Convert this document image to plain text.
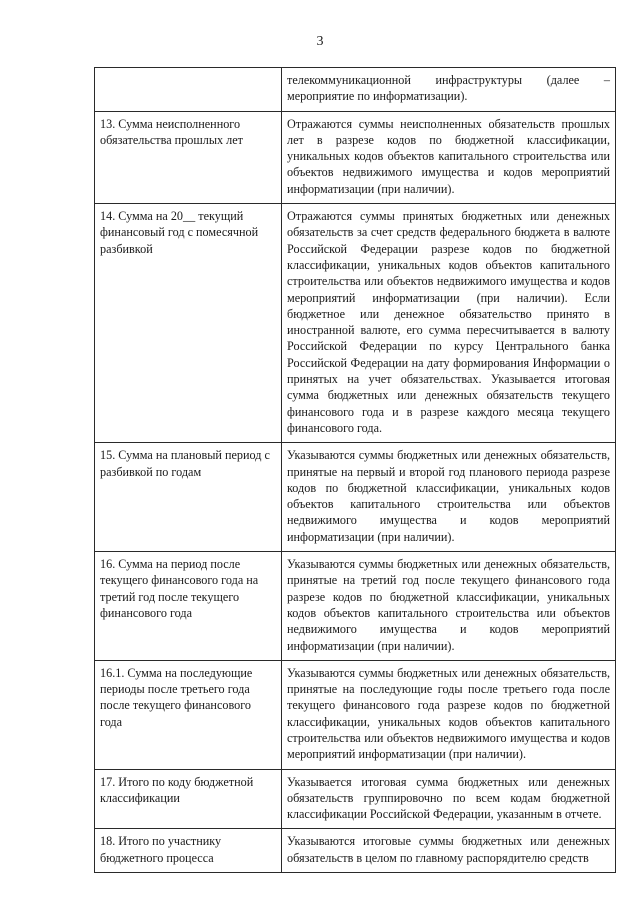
3
	телекоммуникационной инфраструктуры (далее – мероприятие по информатизации).
13. Сумма неисполненного обязательства прошлых лет	Отражаются суммы неисполненных обязательств прошлых лет в разрезе кодов по бюджетной классификации, уникальных кодов объектов капитального строительства или объектов недвижимого имущества и кодов мероприятий информатизации (при наличии).
14. Сумма на 20__ текущий финансовый год с помесячной разбивкой	Отражаются суммы принятых бюджетных или денежных обязательств за счет средств федерального бюджета в валюте Российской Федерации разрезе кодов по бюджетной классификации, уникальных кодов объектов капитального строительства или объектов недвижимого имущества и кодов мероприятий информатизации (при наличии). Если бюджетное или денежное обязательство принято в иностранной валюте, его сумма пересчитывается в валюту Российской Федерации по курсу Центрального банка Российской Федерации на дату формирования Информации о принятых на учет обязательствах. Указывается итоговая сумма бюджетных или денежных обязательств текущего финансового года и в разрезе каждого месяца текущего финансового года.
15. Сумма на плановый период с разбивкой по годам	Указываются суммы бюджетных или денежных обязательств, принятые на первый и второй год планового периода разрезе кодов по бюджетной классификации, уникальных кодов объектов капитального строительства или объектов недвижимого имущества и кодов мероприятий информатизации (при наличии).
16. Сумма на период после текущего финансового года на третий год после текущего финансового года	Указываются суммы бюджетных или денежных обязательств, принятые на третий год после текущего финансового года разрезе кодов по бюджетной классификации, уникальных кодов объектов капитального строительства или объектов недвижимого имущества и кодов мероприятий информатизации (при наличии).
16.1. Сумма на последующие периоды после третьего года после текущего финансового года	Указываются суммы бюджетных или денежных обязательств, принятые на последующие годы после третьего года после текущего финансового года разрезе кодов по бюджетной классификации, уникальных кодов объектов капитального строительства или объектов недвижимого имущества и кодов мероприятий информатизации (при наличии).
17. Итого по коду бюджетной классификации	Указывается итоговая сумма бюджетных или денежных обязательств группировочно по всем кодам бюджетной классификации Российской Федерации, указанным в отчете.
18. Итого по участнику бюджетного процесса	Указываются итоговые суммы бюджетных или денежных обязательств в целом по главному распорядителю средств
